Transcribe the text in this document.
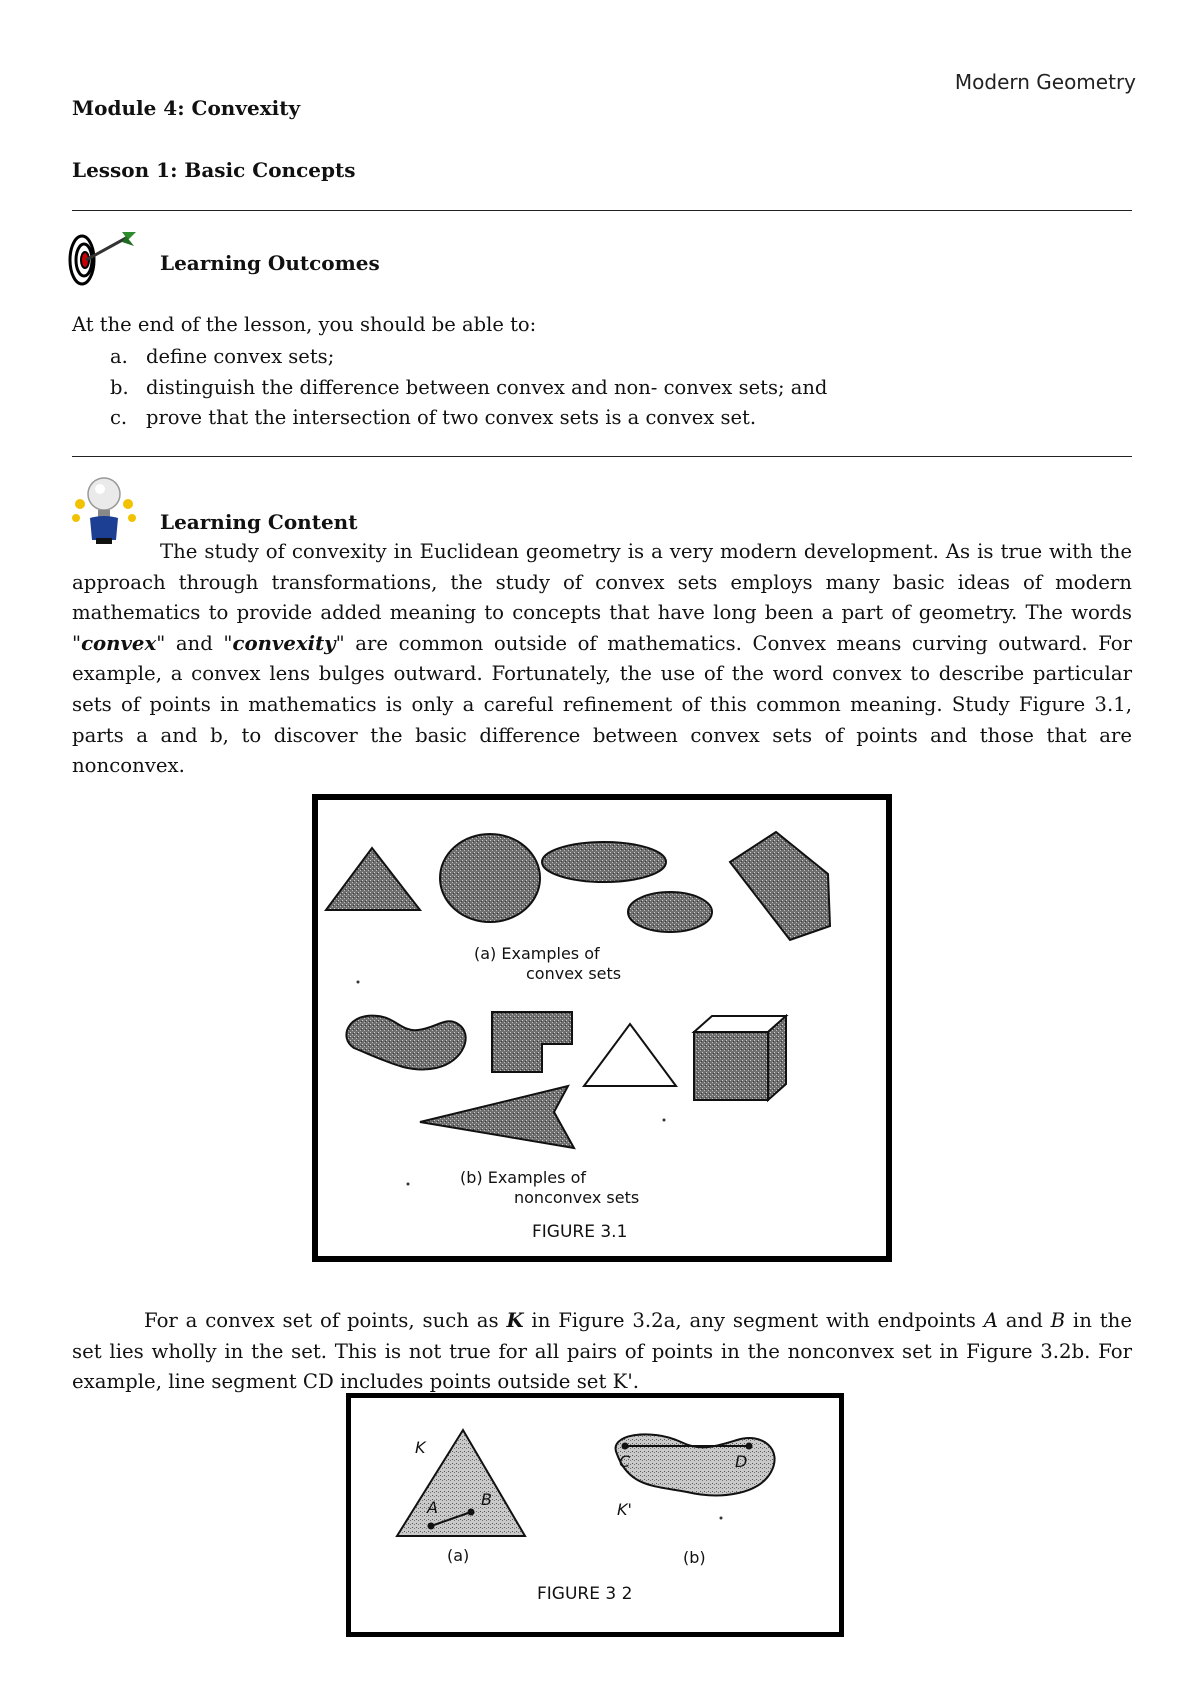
Modern Geometry
Module 4: Convexity
Lesson 1: Basic Concepts
Learning Outcomes
At the end of the lesson, you should be able to:
a. define convex sets;
b. distinguish the difference between convex and non- convex sets; and
c. prove that the intersection of two convex sets is a convex set.
Learning Content
The study of convexity in Euclidean geometry is a very modern development. As is true with the approach through transformations, the study of convex sets employs many basic ideas of modern mathematics to provide added meaning to concepts that have long been a part of geometry. The words "convex" and "convexity" are common outside of mathematics. Convex means curving outward. For example, a convex lens bulges outward. Fortunately, the use of the word convex to describe particular sets of points in mathematics is only a careful refinement of this common meaning. Study Figure 3.1, parts a and b, to discover the basic difference between convex sets of points and those that are nonconvex.
(a) Examples of
convex sets
(b) Examples of
nonconvex sets
FIGURE 3.1
For a convex set of points, such as K in Figure 3.2a, any segment with endpoints A and B in the set lies wholly in the set. This is not true for all pairs of points in the nonconvex set in Figure 3.2b. For example, line segment CD includes points outside set K'.
K
A	B
C	D
K'
(a)	(b)
FIGURE 3 2
